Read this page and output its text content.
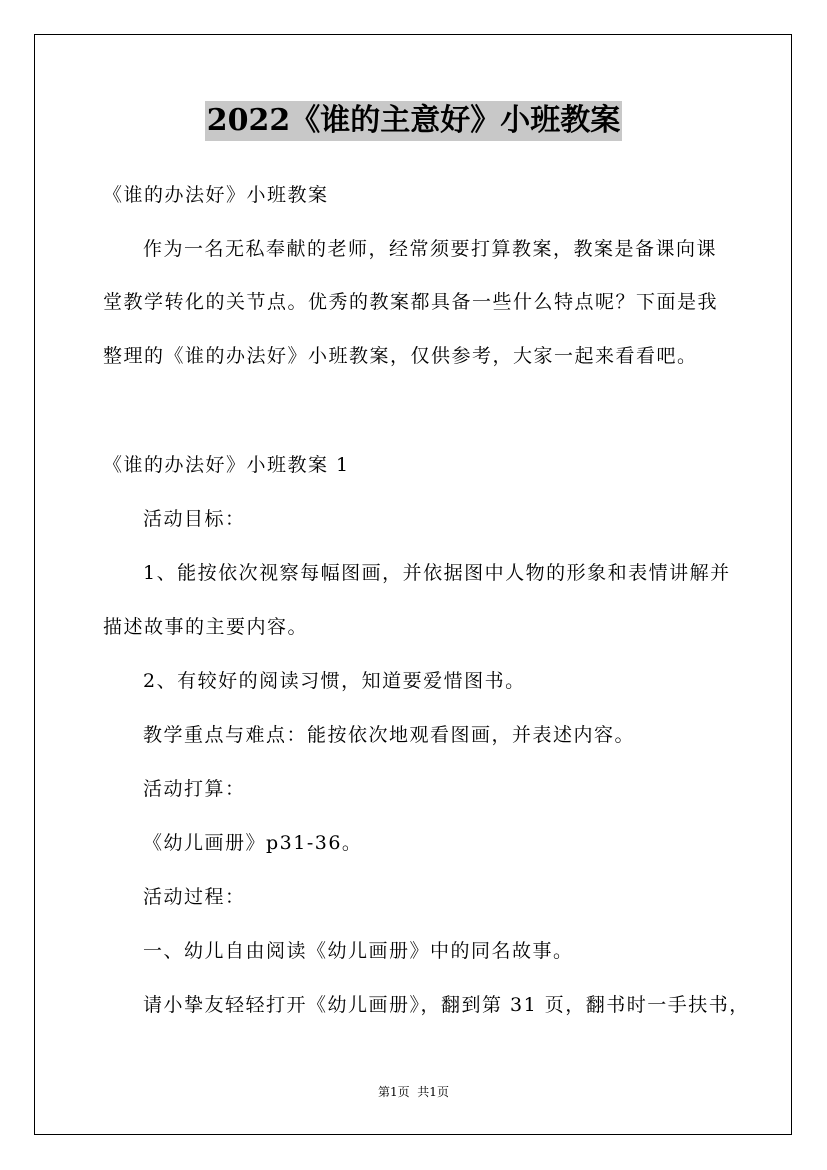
2022《谁的主意好》小班教案
《谁的办法好》小班教案
作为一名无私奉献的老师，经常须要打算教案，教案是备课向课
堂教学转化的关节点。优秀的教案都具备一些什么特点呢？下面是我
整理的《谁的办法好》小班教案，仅供参考，大家一起来看看吧。
《谁的办法好》小班教案 1
活动目标：
1、能按依次视察每幅图画，并依据图中人物的形象和表情讲解并
描述故事的主要内容。
2、有较好的阅读习惯，知道要爱惜图书。
教学重点与难点：能按依次地观看图画，并表述内容。
活动打算：
《幼儿画册》p31-36。
活动过程：
一、幼儿自由阅读《幼儿画册》中的同名故事。
请小挚友轻轻打开《幼儿画册》，翻到第 31 页，翻书时一手扶书，
第1页  共1页
